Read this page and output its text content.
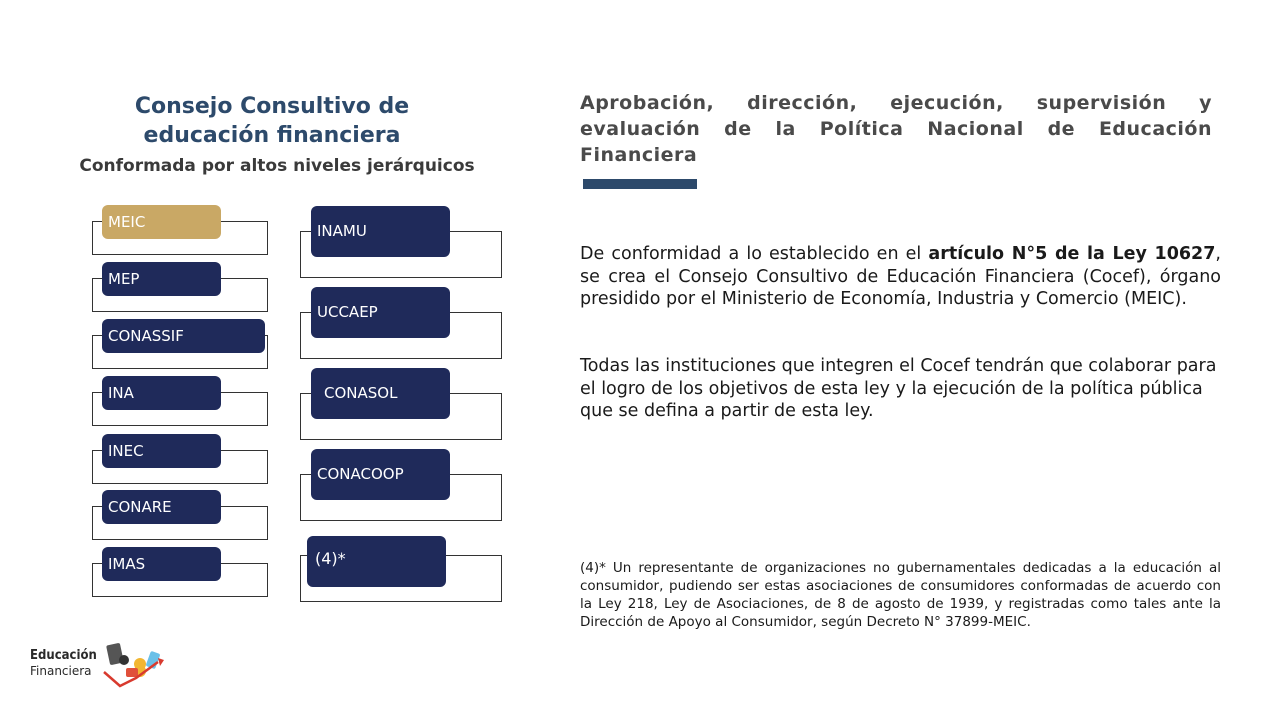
Consejo Consultivo de educación financiera
Conformada por altos niveles jerárquicos
MEIC
MEP
CONASSIF
INA
INEC
CONARE
IMAS
INAMU
UCCAEP
CONASOL
CONACOOP
(4)*
Aprobación, dirección, ejecución, supervisión y evaluación de la Política Nacional de Educación Financiera
De conformidad a lo establecido en el artículo N°5 de la Ley 10627, se crea el Consejo Consultivo de Educación Financiera (Cocef), órgano presidido por el Ministerio de Economía, Industria y Comercio (MEIC).
Todas las instituciones que integren el Cocef tendrán que colaborar para el logro de los objetivos de esta ley y la ejecución de la política pública que se defina a partir de esta ley.
(4)* Un representante de organizaciones no gubernamentales dedicadas a la educación al consumidor, pudiendo ser estas asociaciones de consumidores conformadas de acuerdo con la Ley 218, Ley de Asociaciones, de 8 de agosto de 1939, y registradas como tales ante la Dirección de Apoyo al Consumidor, según Decreto N° 37899-MEIC.
Educación
Financiera
